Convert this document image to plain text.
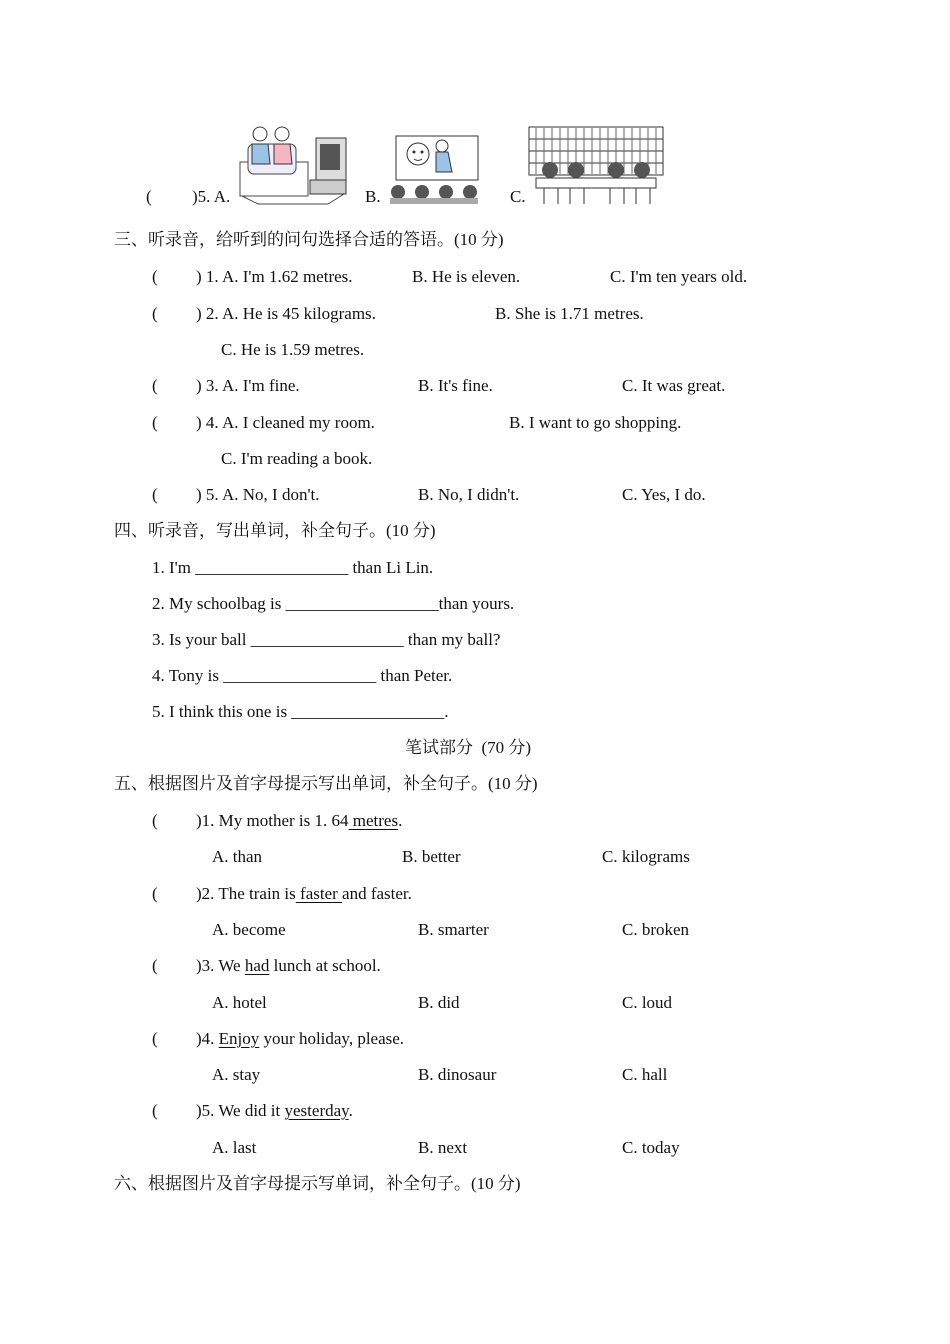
( )5. A.	B.	C.
三、听录音，给听到的问句选择合适的答语。(10 分)
( ) 1. A. I'm 1.62 metres.	B. He is eleven.	C. I'm ten years old.
( ) 2. A. He is 45 kilograms.	B. She is 1.71 metres.
C. He is 1.59 metres.
( ) 3. A. I'm fine.	B. It's fine.	C. It was great.
( ) 4. A. I cleaned my room.	B. I want to go shopping.
C. I'm reading a book.
( ) 5. A. No, I don't.	B. No, I didn't.	C. Yes, I do.
四、听录音，写出单词，补全句子。(10 分)
1. I'm __________________ than Li Lin.
2. My schoolbag is __________________than yours.
3. Is your ball __________________ than my ball?
4. Tony is __________________ than Peter.
5. I think this one is __________________.
笔试部分  (70 分)
五、根据图片及首字母提示写出单词，补全句子。(10 分)
( )1. My mother is 1. 64 metres.
A. than	B. better	C. kilograms
( )2. The train is faster and faster.
A. become	B. smarter	C. broken
( )3. We had lunch at school.
A. hotel	B. did	C. loud
( )4. Enjoy your holiday, please.
A. stay	B. dinosaur	C. hall
( )5. We did it yesterday.
A. last	B. next	C. today
六、根据图片及首字母提示写单词，补全句子。(10 分)
